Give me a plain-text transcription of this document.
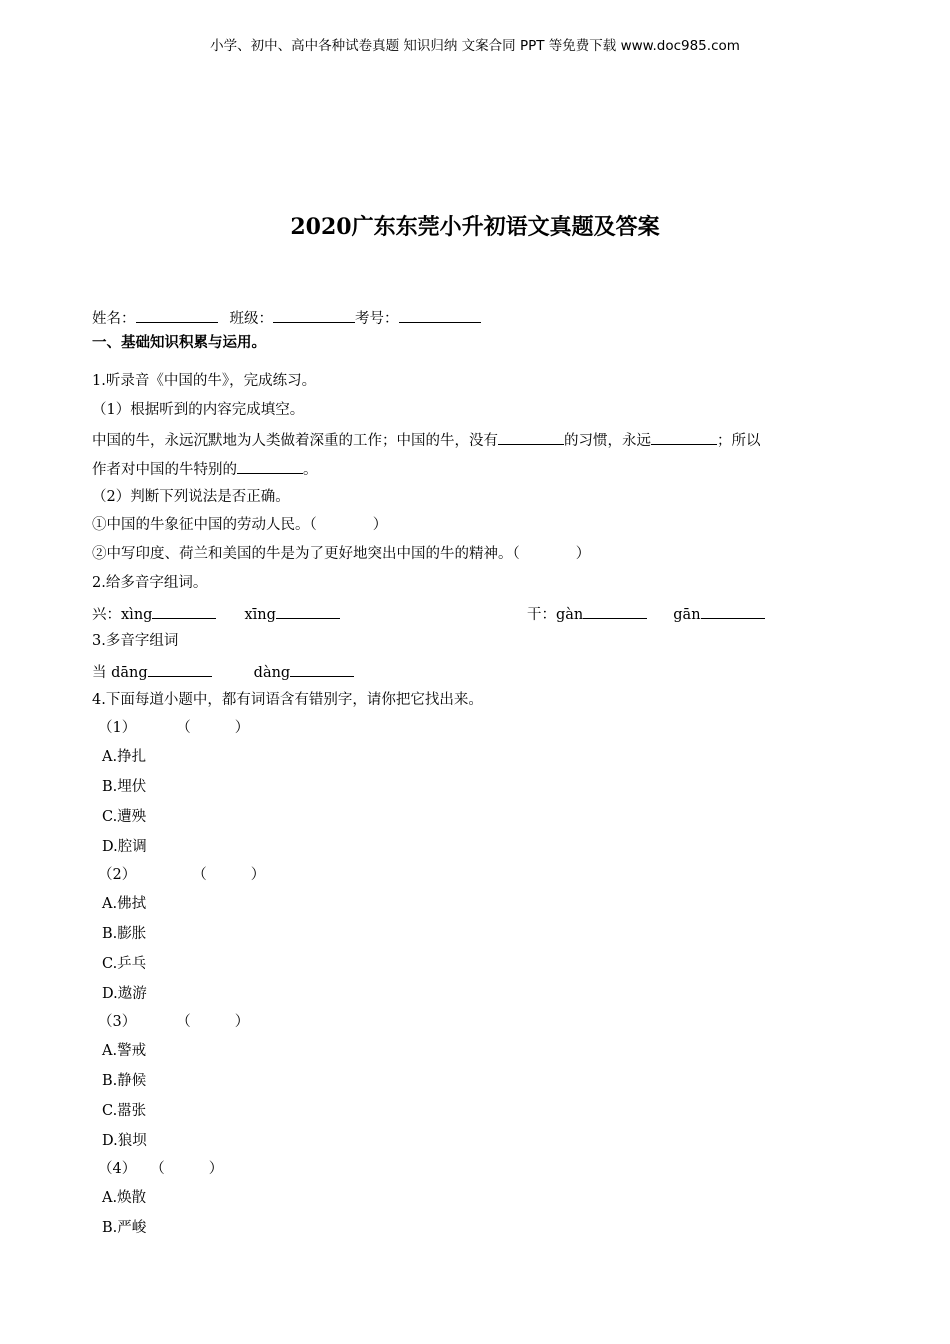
小学、初中、高中各种试卷真题 知识归纳 文案合同 PPT 等免费下载 www.doc985.com
2020广东东莞小升初语文真题及答案
姓名：	班级：	考号：
一、基础知识积累与运用。
1.听录音《中国的牛》，完成练习。
（1）根据听到的内容完成填空。
中国的牛，永远沉默地为人类做着深重的工作；中国的牛，没有	的习惯，永远	；所以
作者对中国的牛特别的	。
（2）判断下列说法是否正确。
①中国的牛象征中国的劳动人民。（	）
②中写印度、荷兰和美国的牛是为了更好地突出中国的牛的精神。（	）
2.给多音字组词。
兴：xìng	xīng	干：gàn	gān
3.多音字组词
当 dāng	dàng
4.下面每道小题中，都有词语含有错别字，请你把它找出来。
（1）	（	）
A.挣扎
B.埋伏
C.遭殃
D.腔调
（2）	（	）
A.佛拭
B.膨胀
C.乒乓
D.遨游
（3）	（	）
A.警戒
B.静候
C.嚣张
D.狼坝
（4） （	）
A.焕散
B.严峻
